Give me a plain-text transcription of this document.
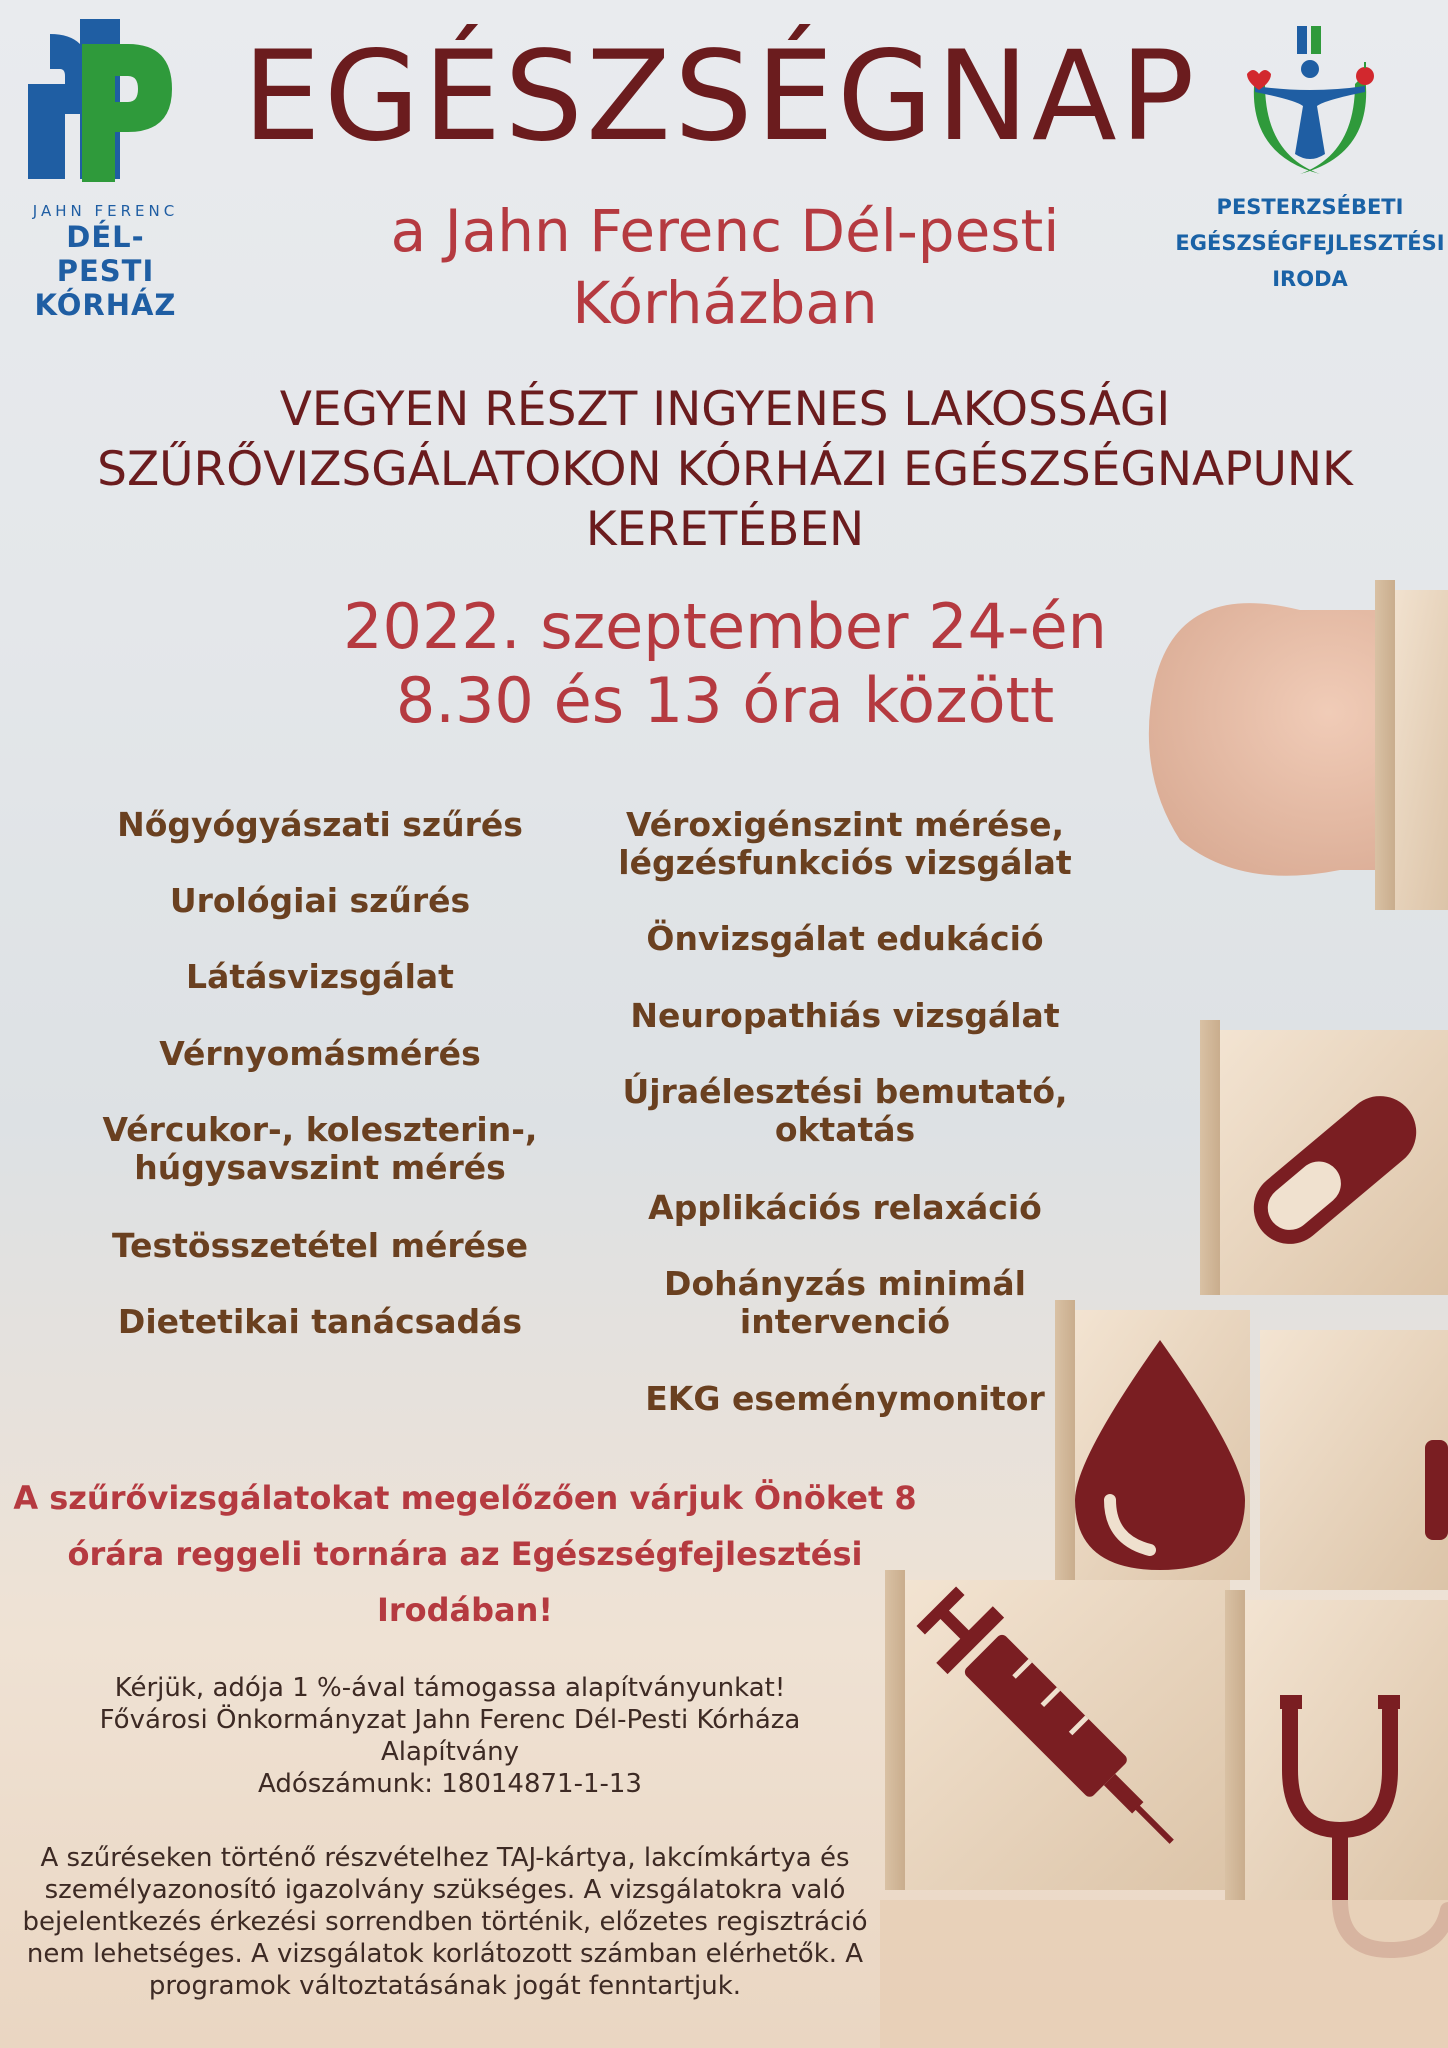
JAHN FERENC
DÉL-PESTI
KÓRHÁZ
PESTERZSÉBETI
EGÉSZSÉGFEJLESZTÉSI
IRODA
EGÉSZSÉGNAP
a Jahn Ferenc Dél-pesti
Kórházban
VEGYEN RÉSZT INGYENES LAKOSSÁGI
SZŰRŐVIZSGÁLATOKON KÓRHÁZI EGÉSZSÉGNAPUNK
KERETÉBEN
2022. szeptember 24-én
8.30 és 13 óra között
Nőgyógyászati szűrés
Urológiai szűrés
Látásvizsgálat
Vérnyomásmérés
Vércukor-, koleszterin-,
húgysavszint mérés
Testösszetétel mérése
Dietetikai tanácsadás
Véroxigénszint mérése,
légzésfunkciós vizsgálat
Önvizsgálat edukáció
Neuropathiás vizsgálat
Újraélesztési bemutató,
oktatás
Applikációs relaxáció
Dohányzás minimál
intervenció
EKG eseménymonitor
A szűrővizsgálatokat megelőzően várjuk Önöket 8
órára reggeli tornára az Egészségfejlesztési
Irodában!
Kérjük, adója 1 %-ával támogassa alapítványunkat!
Fővárosi Önkormányzat Jahn Ferenc Dél-Pesti Kórháza
Alapítvány
Adószámunk: 18014871-1-13
A szűréseken történő részvételhez TAJ-kártya, lakcímkártya és
személyazonosító igazolvány szükséges. A vizsgálatokra való
bejelentkezés érkezési sorrendben történik, előzetes regisztráció
nem lehetséges. A vizsgálatok korlátozott számban elérhetők. A
programok változtatásának jogát fenntartjuk.
